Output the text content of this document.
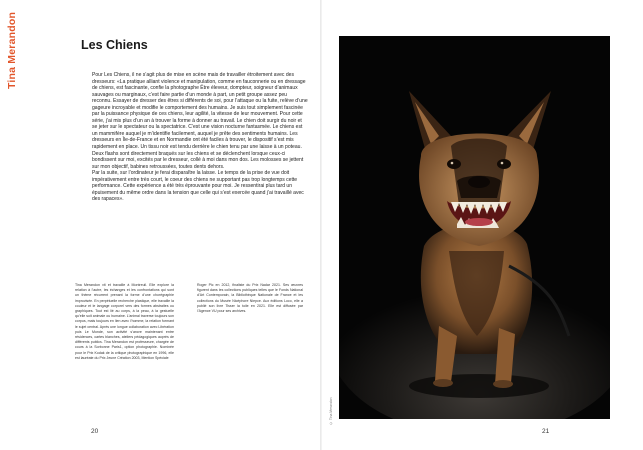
Tina Merandon	Les Chiens

Pour Les Chiens, il ne s’agit plus de mise en scène mais de travailler étroitement avec des dresseurs: «La pratique alliant violence et manipulation, comme en fauconnerie ou en dressage de chiens, est fascinante, confie la photographe Être éleveur, dompteur, soigneur d’animaux sauvages ou marginaux, c’est faire partie d’un monde à part, un petit groupe assez peu reconnu. Essayer de dresser des êtres si différents de soi, pour l’attaque ou la fuite, relève d’une gageure incroyable et modifie le comportement des humains. Je suis tout simplement fascinée par la puissance physique de ces chiens, leur agilité, la vitesse de leur mouvement. Pour cette série, j’ai mis plus d’un an à trouver la forme à donner au travail. Le chien doit surgir du noir et se jeter sur le spectateur ou la spectatrice. C’est une vision nocturne fantasmée. Le chiens est un mammifère auquel je m’identifie facilement, auquel je prête des sentiments humains. Les dresseurs en Île-de-France et en Normandie ont été faciles à trouver, le dispositif s’est mis rapidement en place. Un tissu noir est tendu derrière le chien tenu par une laisse à un poteau. Deux flashs sont directement braqués sur les chiens et se déclenchent lorsque ceux-ci bondissent sur moi, excités par le dresseur, collé à moi dans mon dos. Les molosses se jettent sur mon objectif, babines retroussées, toutes dents dehors.

Par la suite, sur l’ordinateur je ferai disparaître la laisse. Le temps de la prise de vue doit impérativement entre très court, le coeur des chiens ne supportant pas trop longtemps cette performance. Cette expérience a été très éprouvante pour moi. Je ressentirai plus tard un épuisement du même ordre dans la tension que celle qui s’est exercée quand j’ai travaillé avec des rapaces».

Tina Merandon vit et travaille à Montreuil. Elle explore la relation à l’autre, les échanges et les confrontations qui sont un thème récurrent prenant la forme d’une chorégraphie improvisée. En perpétuelle recherche plastique, elle travaille la couleur et le langage corporel vers des formes abstraites ou graphiques. Tout est lié au corps, à la peau, à la gestuelle qu’elle soit animale ou humaine. L’animal traverse toujours son corpus, mais toujours en lien avec l’homme, la relation formant le sujet central. Après une longue collaboration avec Libération puis Le Monde, son activité s’ancre maintenant entre résidences, cartes blanches, ateliers pédagogiques auprès de différents publics. Tina Merandon est professeure, chargée de cours à la Sorbonne Paris1, option photographie. Nominée pour le Prix Kodak de la critique photographique en 1996, elle est lauréate du Prix Jeune Création 2003, Mention Spéciale
Roger Pic en 2012, finaliste du Prix Nadar 2021. Ses œuvres figurent dans les collections publiques telles que le Fonds National d’Art Contemporain, la Bibliothèque Nationale de France et les collections du Musée Nicéphore Niepce. Aux éditions Loco, elle a publié son livre Tisser la toile en 2021. Elle est diffusée par l’Agence VU pour ses archives.
20	21
© Tina Merandon
